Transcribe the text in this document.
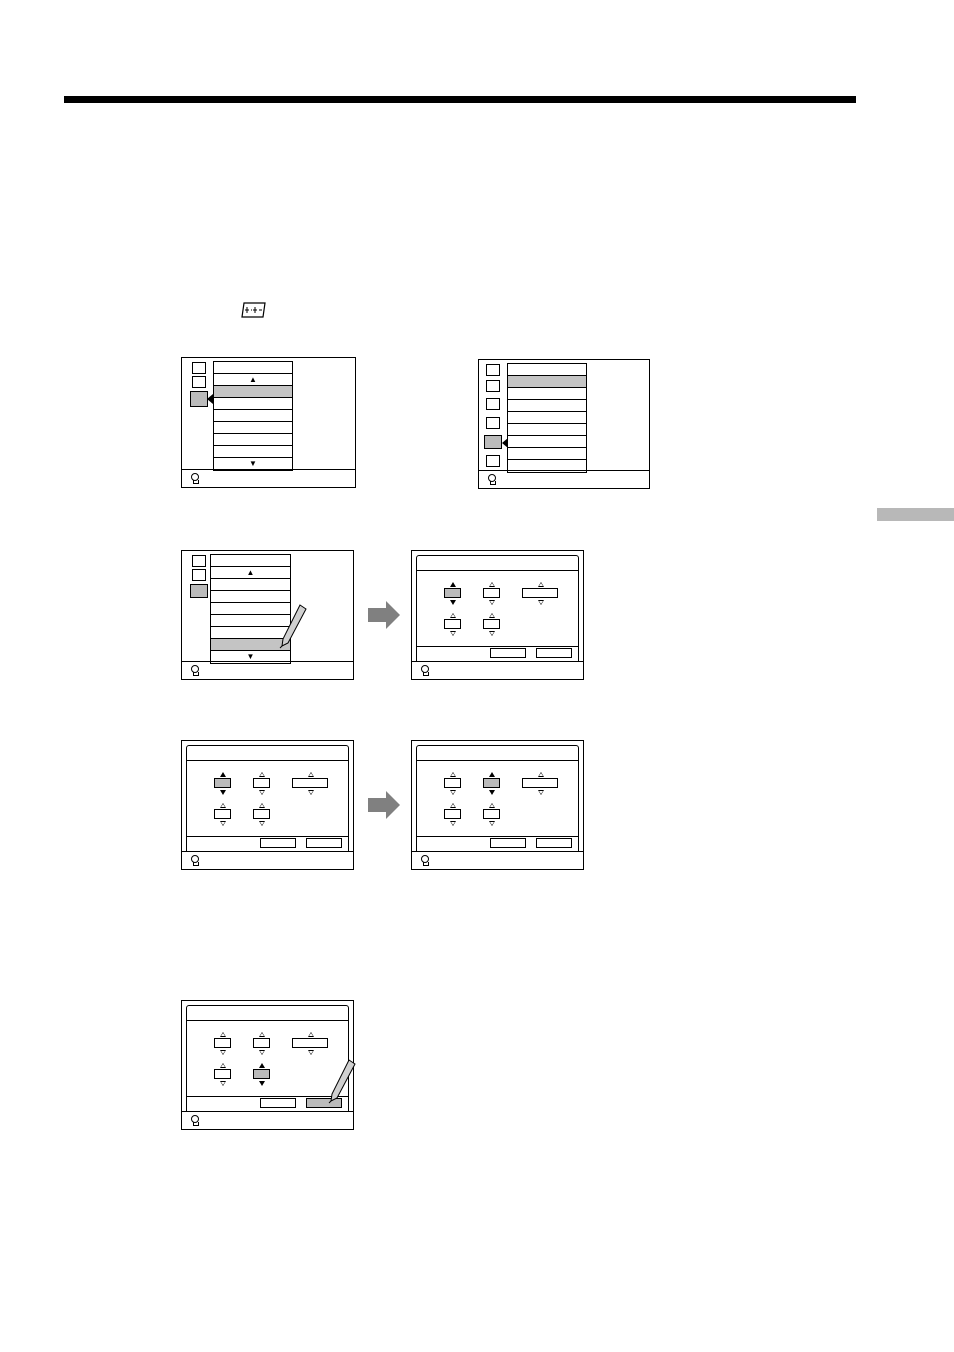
▲
▼
▲
▼
